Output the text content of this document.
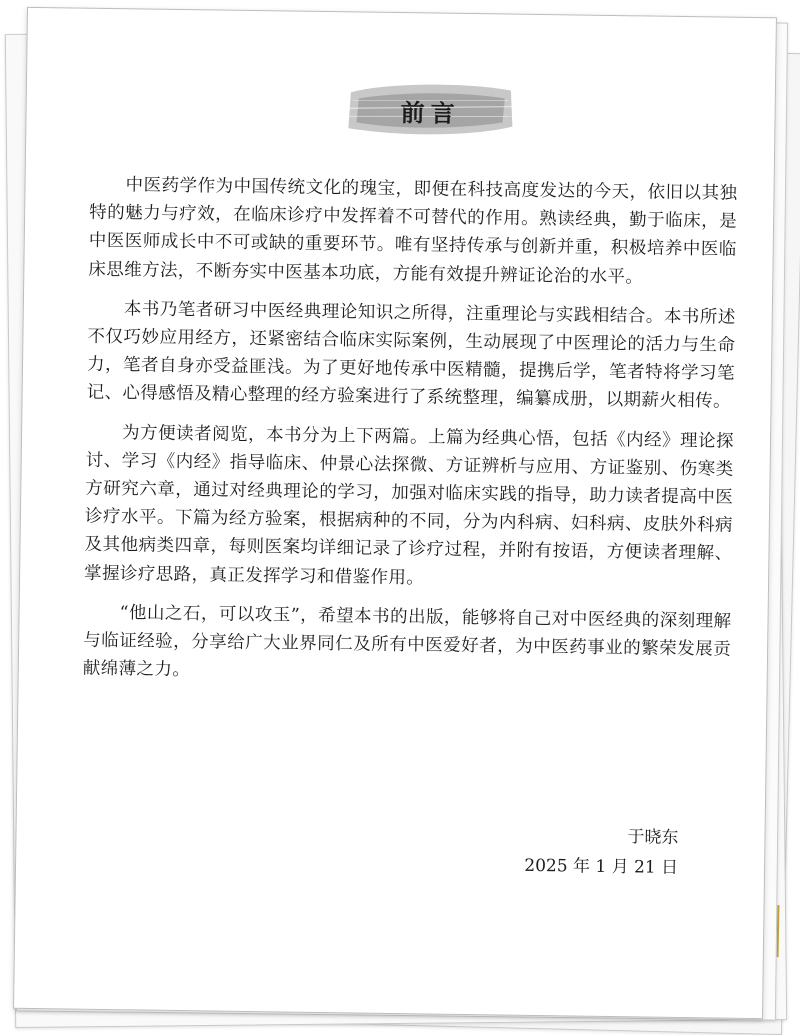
前言

中医药学作为中国传统文化的瑰宝，即便在科技高度发达的今天，依旧以其独特的魅力与疗效，在临床诊疗中发挥着不可替代的作用。熟读经典，勤于临床，是中医医师成长中不可或缺的重要环节。唯有坚持传承与创新并重，积极培养中医临床思维方法，不断夯实中医基本功底，方能有效提升辨证论治的水平。

本书乃笔者研习中医经典理论知识之所得，注重理论与实践相结合。本书所述不仅巧妙应用经方，还紧密结合临床实际案例，生动展现了中医理论的活力与生命力，笔者自身亦受益匪浅。为了更好地传承中医精髓，提携后学，笔者特将学习笔记、心得感悟及精心整理的经方验案进行了系统整理，编纂成册，以期薪火相传。

为方便读者阅览，本书分为上下两篇。上篇为经典心悟，包括《内经》理论探讨、学习《内经》指导临床、仲景心法探微、方证辨析与应用、方证鉴别、伤寒类方研究六章，通过对经典理论的学习，加强对临床实践的指导，助力读者提高中医诊疗水平。下篇为经方验案，根据病种的不同，分为内科病、妇科病、皮肤外科病及其他病类四章，每则医案均详细记录了诊疗过程，并附有按语，方便读者理解、掌握诊疗思路，真正发挥学习和借鉴作用。

“他山之石，可以攻玉”，希望本书的出版，能够将自己对中医经典的深刻理解与临证经验，分享给广大业界同仁及所有中医爱好者，为中医药事业的繁荣发展贡献绵薄之力。

于晓东
2025 年 1 月 21 日
